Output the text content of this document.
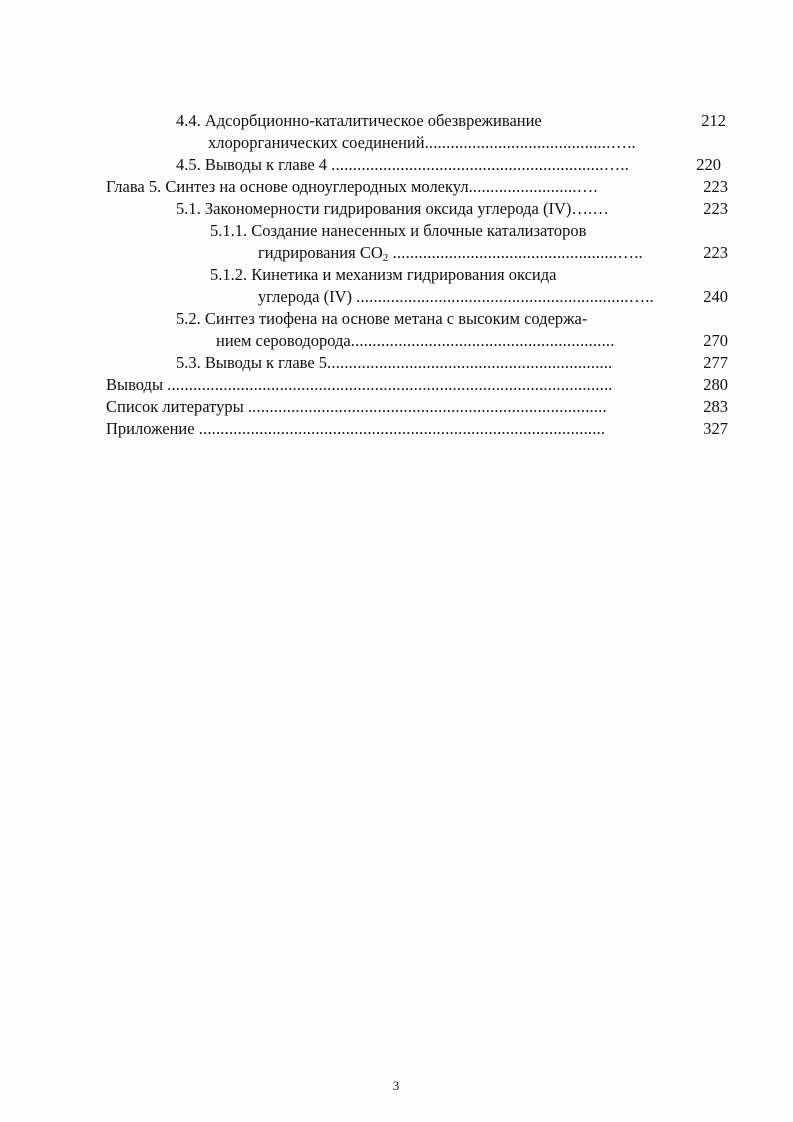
4.4. Адсорбционно-каталитическое обезвреживание	212
хлорорганических соединений...........................................…..
4.5. Выводы к главе 4 ...............................................................…..	220
Глава 5. Синтез на основе одноуглеродных молекул.........................….	223
5.1. Закономерности гидрирования оксида углерода (IV)….…	223
5.1.1. Создание нанесенных и блочные катализаторов
гидрирования $CO_2$ ....................................................…..	223
5.1.2. Кинетика и механизм гидрирования оксида
углерода (IV) ...............................................................…..	240
5.2. Синтез тиофена на основе метана с высоким содержа-
нием сероводорода.............................................................	270
5.3. Выводы к главе 5..................................................................	277
Выводы .......................................................................................................	280
Список литературы ...................................................................................	283
Приложение ..............................................................................................	327
3
